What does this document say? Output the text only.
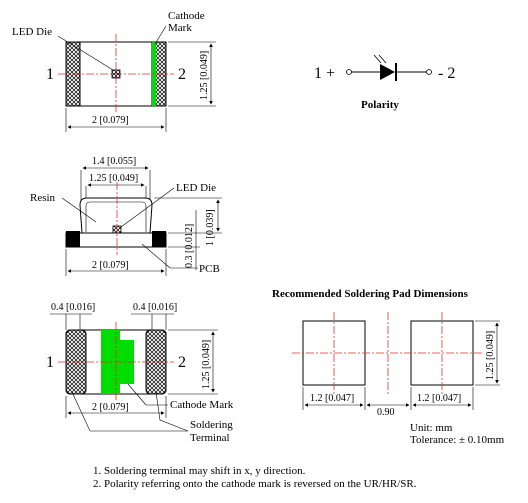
LED Die
Cathode
Mark
1	2
2 [0.079]
1.25 [0.049]	1 +	- 2
Polarity
1.4 [0.055]
1.25 [0.049]
Resin
LED Die
1 [0.039]
0.3 [0.012]
2 [0.079]	PCB
0.4 [0.016]	0.4 [0.016]
1	2 1.25 [0.049]
2 [0.079]	Cathode Mark
Soldering
Terminal
Recommended Soldering Pad Dimensions
1.2 [0.047]
0.90
1.2 [0.047]
1.25 [0.049]
Unit: mm
Tolerance: ± 0.10mm
1. Soldering terminal may shift in x, y direction.
2. Polarity referring onto the cathode mark is reversed on the UR/HR/SR.
